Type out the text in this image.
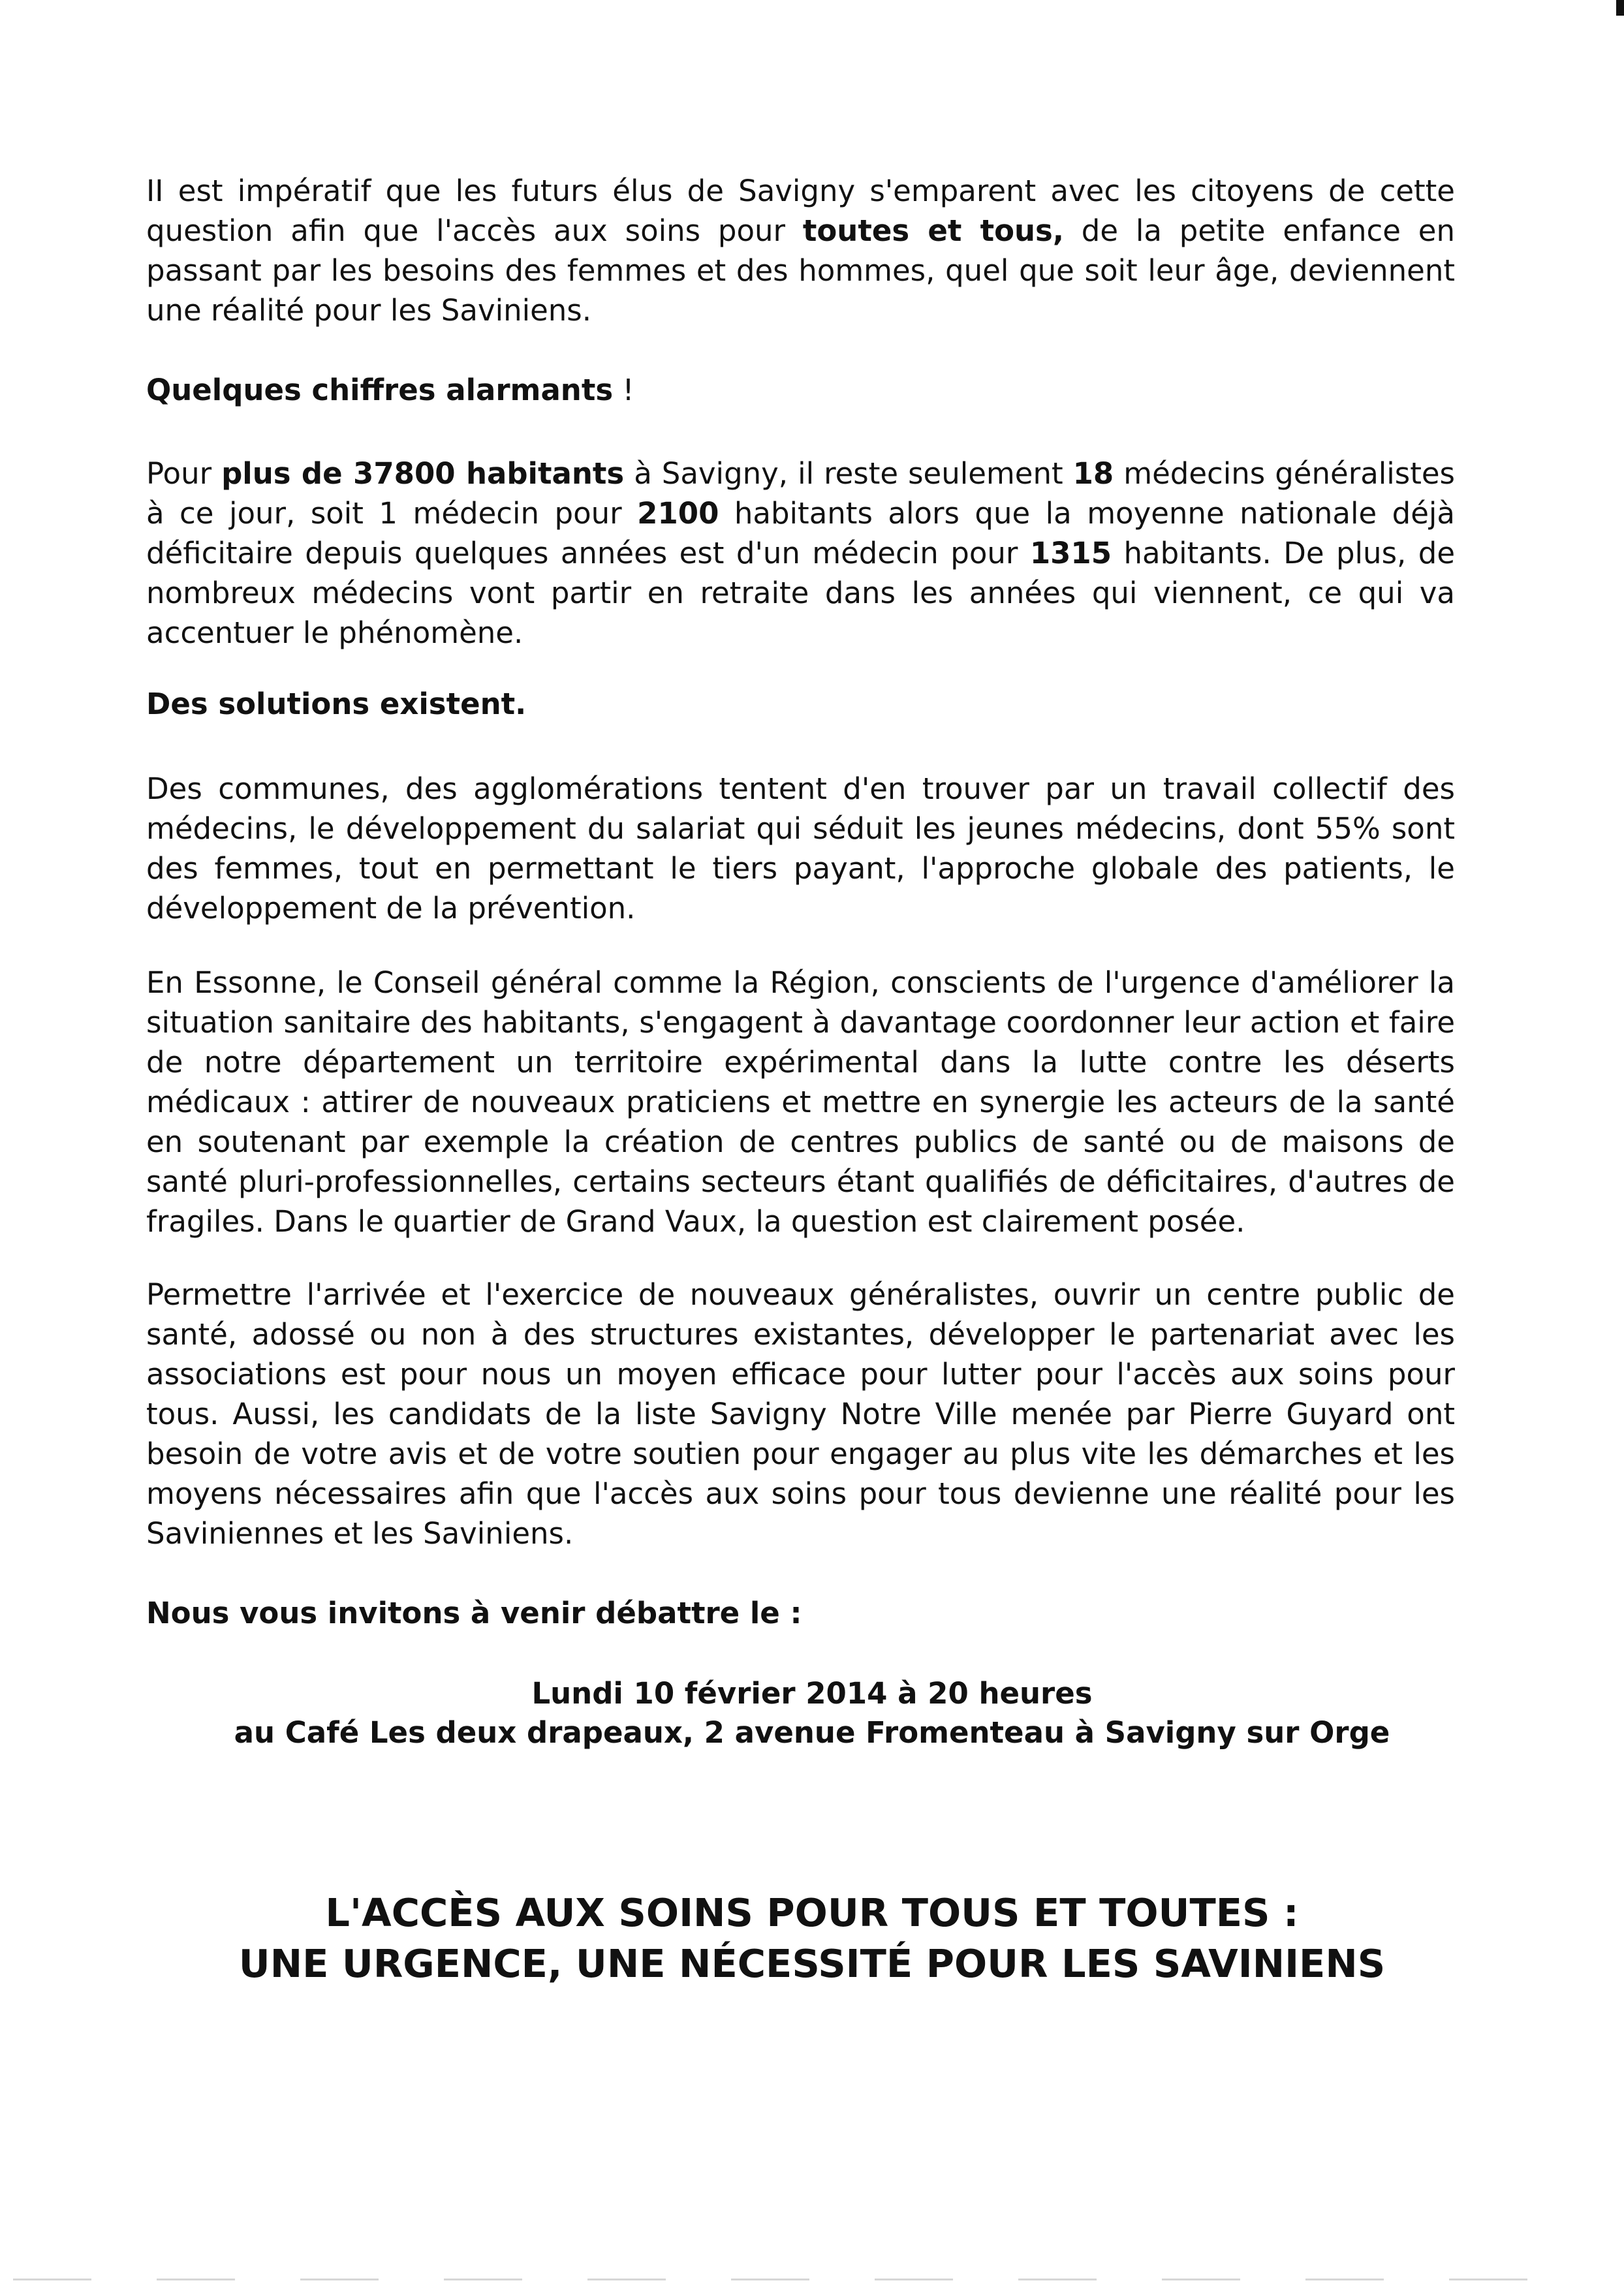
II est impératif que les futurs élus de Savigny s'emparent avec les citoyens de cette question afin que l'accès aux soins pour toutes et tous, de la petite enfance en passant par les besoins des femmes et des hommes, quel que soit leur âge, deviennent une réalité pour les Saviniens.

Quelques chiffres alarmants !

Pour plus de 37800 habitants à Savigny, il reste seulement 18 médecins généralistes à ce jour, soit 1 médecin pour 2100 habitants alors que la moyenne nationale déjà déficitaire depuis quelques années est d'un médecin pour 1315 habitants. De plus, de nombreux médecins vont partir en retraite dans les années qui viennent, ce qui va accentuer le phénomène.

Des solutions existent.

Des communes, des agglomérations tentent d'en trouver par un travail collectif des médecins, le développement du salariat qui séduit les jeunes médecins, dont 55% sont des femmes, tout en permettant le tiers payant, l'approche globale des patients, le développement de la prévention.

En Essonne, le Conseil général comme la Région, conscients de l'urgence d'améliorer la situation sanitaire des habitants, s'engagent à davantage coordonner leur action et faire de notre département un territoire expérimental dans la lutte contre les déserts médicaux : attirer de nouveaux praticiens et mettre en synergie les acteurs de la santé en soutenant par exemple la création de centres publics de santé ou de maisons de santé pluri-professionnelles, certains secteurs étant qualifiés de déficitaires, d'autres de fragiles. Dans le quartier de Grand Vaux, la question est clairement posée.

Permettre l'arrivée et l'exercice de nouveaux généralistes, ouvrir un centre public de santé, adossé ou non à des structures existantes, développer le partenariat avec les associations est pour nous un moyen efficace pour lutter pour l'accès aux soins pour tous. Aussi, les candidats de la liste Savigny Notre Ville menée par Pierre Guyard ont besoin de votre avis et de votre soutien pour engager au plus vite les démarches et les moyens nécessaires afin que l'accès aux soins pour tous devienne une réalité pour les Saviniennes et les Saviniens.

Nous vous invitons à venir débattre le :

Lundi 10 février 2014 à 20 heures
au Café Les deux drapeaux, 2 avenue Fromenteau à Savigny sur Orge
L'ACCÈS AUX SOINS POUR TOUS ET TOUTES :
UNE URGENCE, UNE NÉCESSITÉ POUR LES SAVINIENS
